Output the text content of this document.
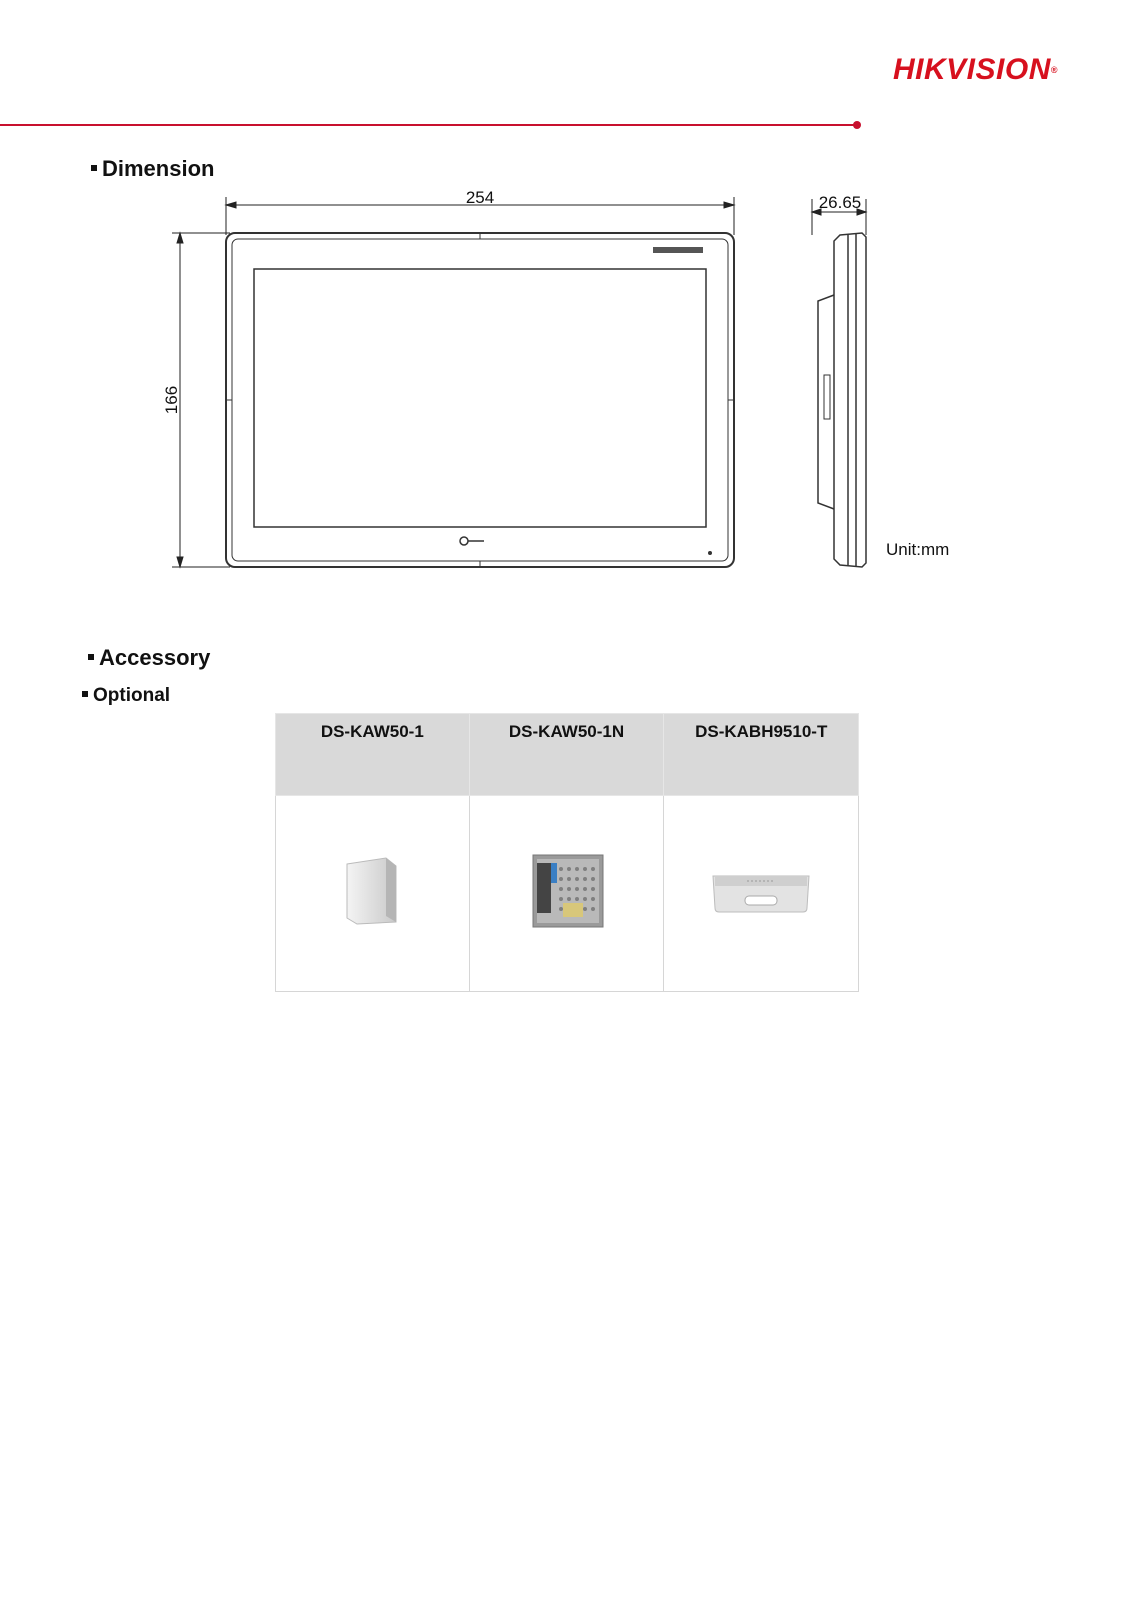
HIKVISION®
Dimension
254
166
26.65
Unit:mm
Accessory
Optional
DS-KAW50-1	DS-KAW50-1N	DS-KABH9510-T
